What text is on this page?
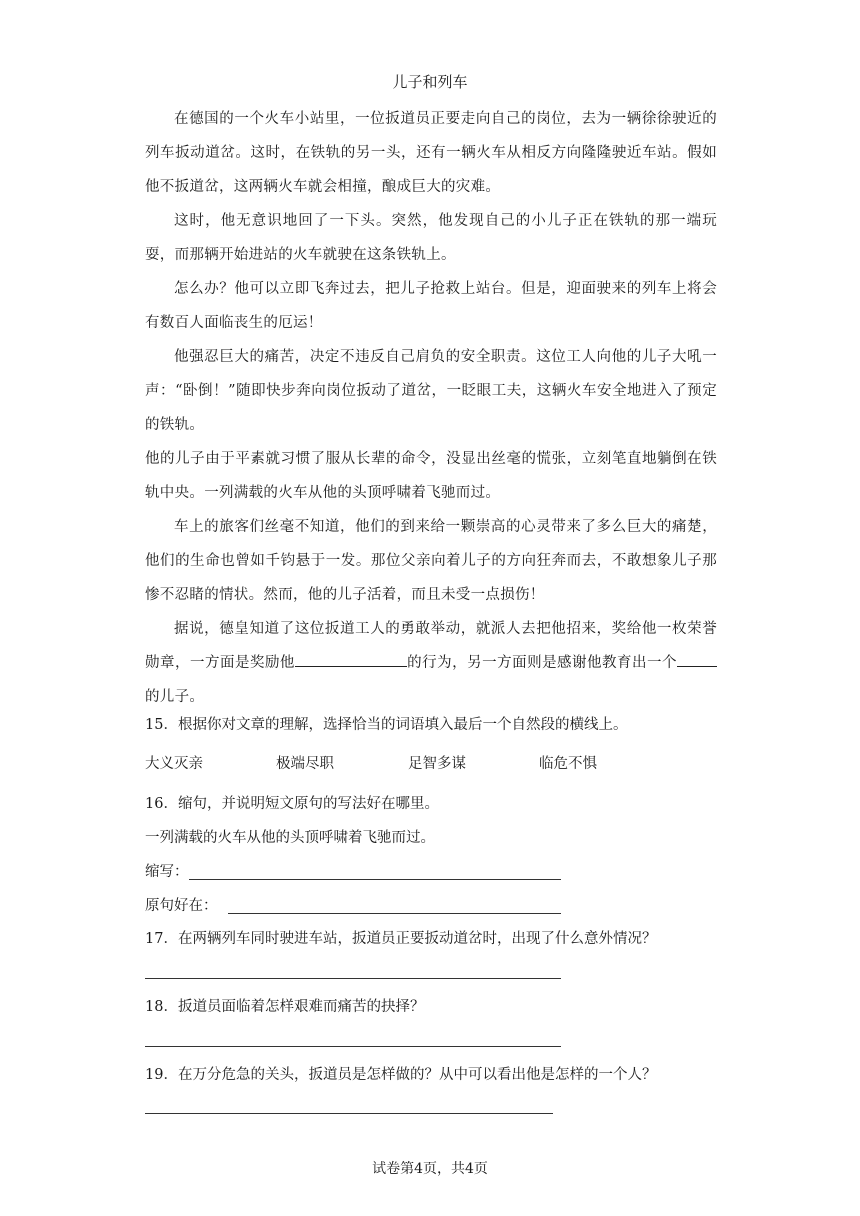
儿子和列车

在德国的一个火车小站里，一位扳道员正要走向自己的岗位，去为一辆徐徐驶近的列车扳动道岔。这时，在铁轨的另一头，还有一辆火车从相反方向隆隆驶近车站。假如他不扳道岔，这两辆火车就会相撞，酿成巨大的灾难。

这时，他无意识地回了一下头。突然，他发现自己的小儿子正在铁轨的那一端玩耍，而那辆开始进站的火车就驶在这条铁轨上。

怎么办？他可以立即飞奔过去，把儿子抢救上站台。但是，迎面驶来的列车上将会有数百人面临丧生的厄运！

他强忍巨大的痛苦，决定不违反自己肩负的安全职责。这位工人向他的儿子大吼一声：“卧倒！”随即快步奔向岗位扳动了道岔，一眨眼工夫，这辆火车安全地进入了预定的铁轨。

他的儿子由于平素就习惯了服从长辈的命令，没显出丝毫的慌张，立刻笔直地躺倒在铁轨中央。一列满载的火车从他的头顶呼啸着飞驰而过。

车上的旅客们丝毫不知道，他们的到来给一颗崇高的心灵带来了多么巨大的痛楚，他们的生命也曾如千钧悬于一发。那位父亲向着儿子的方向狂奔而去，不敢想象儿子那惨不忍睹的情状。然而，他的儿子活着，而且未受一点损伤！

据说，德皇知道了这位扳道工人的勇敢举动，就派人去把他招来，奖给他一枚荣誉勋章，一方面是奖励他	的行为，另一方面则是感谢他教育出一个的儿子。

15．根据你对文章的理解，选择恰当的词语填入最后一个自然段的横线上。
大义灭亲	极端尽职	足智多谋	临危不惧
16．缩句，并说明短文原句的写法好在哪里。
一列满载的火车从他的头顶呼啸着飞驰而过。
缩写：
原句好在：
17．在两辆列车同时驶进车站，扳道员正要扳动道岔时，出现了什么意外情况？
18．扳道员面临着怎样艰难而痛苦的抉择？
19．在万分危急的关头，扳道员是怎样做的？从中可以看出他是怎样的一个人？
试卷第4页，共4页
